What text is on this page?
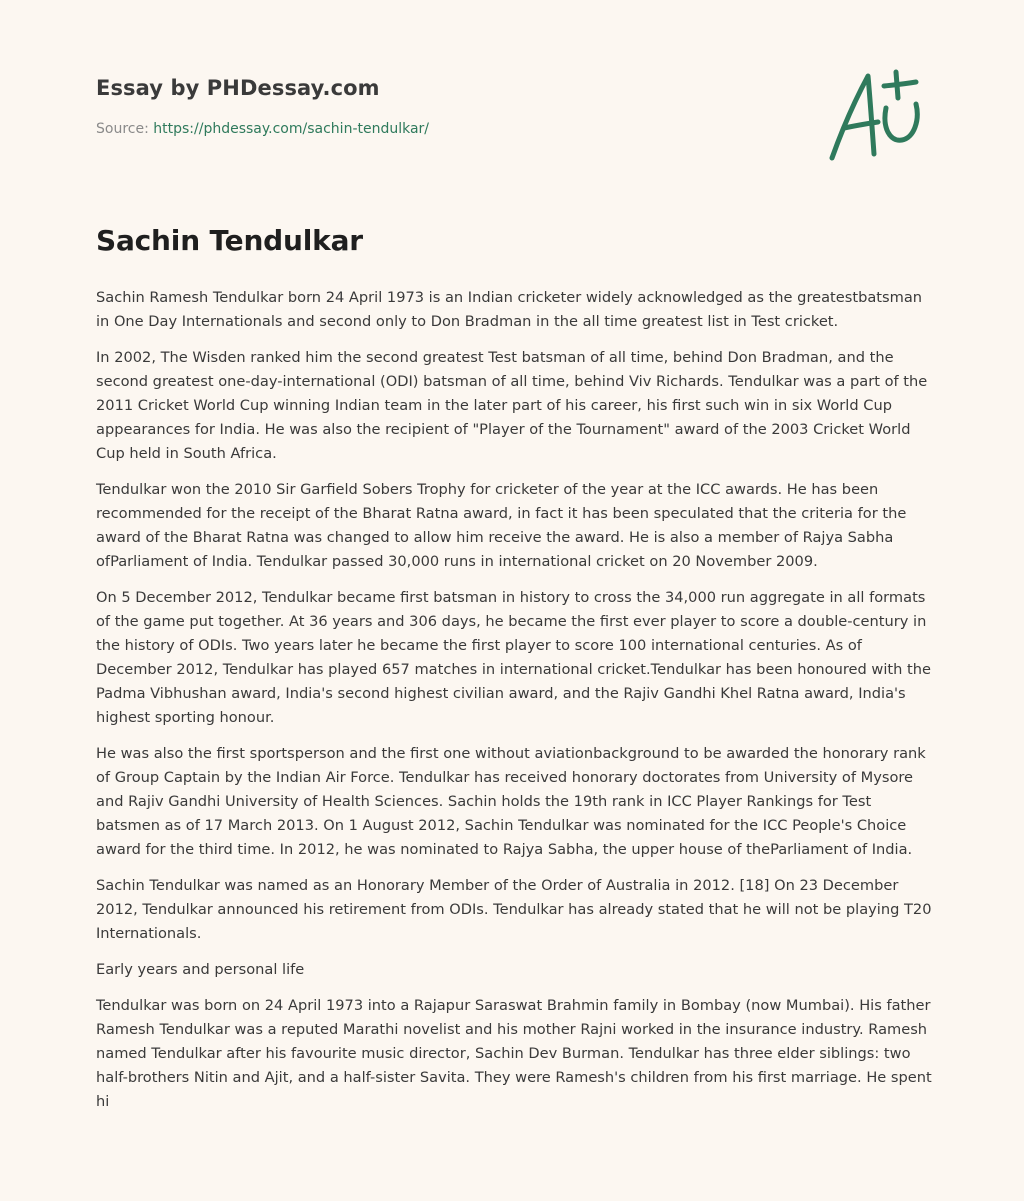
Essay by PHDessay.com
Source: https://phdessay.com/sachin-tendulkar/
Sachin Tendulkar

Sachin Ramesh Tendulkar born 24 April 1973 is an Indian cricketer widely acknowledged as the greatestbatsman in One Day Internationals and second only to Don Bradman in the all time greatest list in Test cricket.

In 2002, The Wisden ranked him the second greatest Test batsman of all time, behind Don Bradman, and the second greatest one-day-international (ODI) batsman of all time, behind Viv Richards. Tendulkar was a part of the 2011 Cricket World Cup winning Indian team in the later part of his career, his first such win in six World Cup appearances for India. He was also the recipient of "Player of the Tournament" award of the 2003 Cricket World Cup held in South Africa.

Tendulkar won the 2010 Sir Garfield Sobers Trophy for cricketer of the year at the ICC awards. He has been recommended for the receipt of the Bharat Ratna award, in fact it has been speculated that the criteria for the award of the Bharat Ratna was changed to allow him receive the award. He is also a member of Rajya Sabha ofParliament of India. Tendulkar passed 30,000 runs in international cricket on 20 November 2009.

On 5 December 2012, Tendulkar became first batsman in history to cross the 34,000 run aggregate in all formats of the game put together. At 36 years and 306 days, he became the first ever player to score a double-century in the history of ODIs. Two years later he became the first player to score 100 international centuries. As of December 2012, Tendulkar has played 657 matches in international cricket.Tendulkar has been honoured with the Padma Vibhushan award, India's second highest civilian award, and the Rajiv Gandhi Khel Ratna award, India's highest sporting honour.

He was also the first sportsperson and the first one without aviationbackground to be awarded the honorary rank of Group Captain by the Indian Air Force. Tendulkar has received honorary doctorates from University of Mysore and Rajiv Gandhi University of Health Sciences. Sachin holds the 19th rank in ICC Player Rankings for Test batsmen as of 17 March 2013. On 1 August 2012, Sachin Tendulkar was nominated for the ICC People's Choice award for the third time. In 2012, he was nominated to Rajya Sabha, the upper house of theParliament of India.

Sachin Tendulkar was named as an Honorary Member of the Order of Australia in 2012. [18] On 23 December 2012, Tendulkar announced his retirement from ODIs. Tendulkar has already stated that he will not be playing T20 Internationals.

Early years and personal life

Tendulkar was born on 24 April 1973 into a Rajapur Saraswat Brahmin family in Bombay (now Mumbai). His father Ramesh Tendulkar was a reputed Marathi novelist and his mother Rajni worked in the insurance industry. Ramesh named Tendulkar after his favourite music director, Sachin Dev Burman. Tendulkar has three elder siblings: two half-brothers Nitin and Ajit, and a half-sister Savita. They were Ramesh's children from his first marriage. He spent hi
